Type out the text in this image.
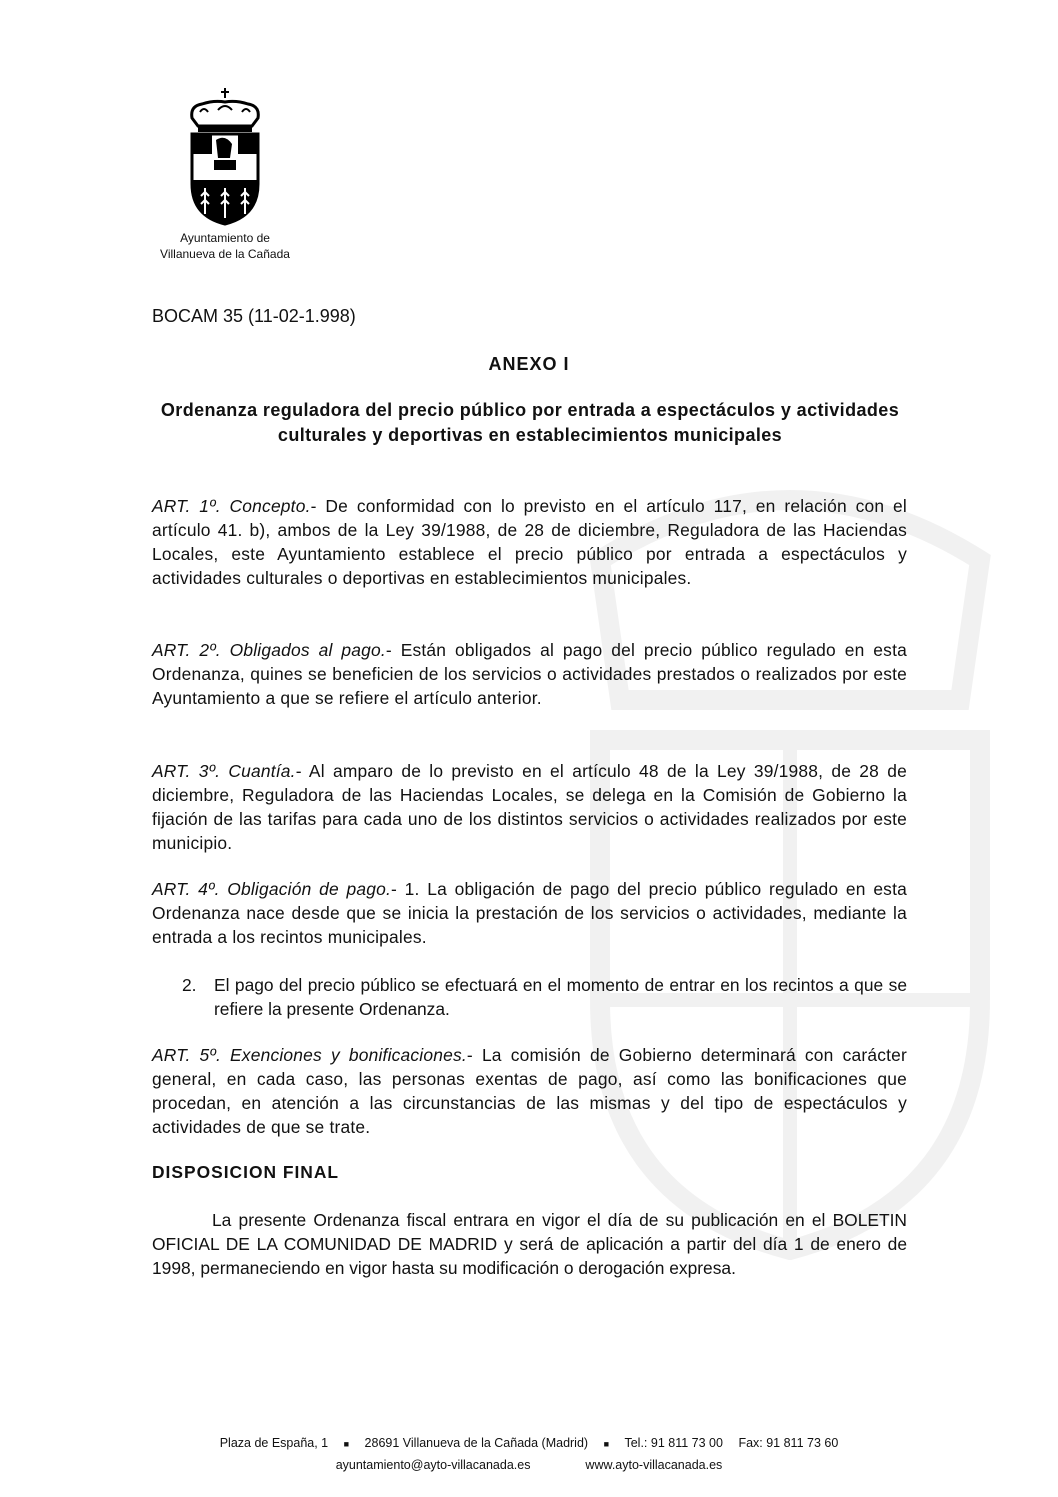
Ayuntamiento de
Villanueva de la Cañada
BOCAM 35 (11-02-1.998)
ANEXO I
Ordenanza reguladora del precio público por entrada a espectáculos y actividades culturales y deportivas en establecimientos municipales
ART. 1º. Concepto.- De conformidad con lo previsto en el artículo 117, en relación con el artículo 41. b), ambos de la Ley 39/1988, de 28 de diciembre, Reguladora de las Haciendas Locales, este Ayuntamiento establece el precio público por entrada a espectáculos y actividades culturales o deportivas en establecimientos municipales.
ART. 2º. Obligados al pago.- Están obligados al pago del precio público regulado en esta Ordenanza, quines se beneficien de los servicios o actividades prestados o realizados por este Ayuntamiento a que se refiere el artículo anterior.
ART. 3º. Cuantía.- Al amparo de lo previsto en el artículo 48 de la Ley 39/1988, de 28 de diciembre, Reguladora de las Haciendas Locales, se delega en la Comisión de Gobierno la fijación de las tarifas para cada uno de los distintos servicios o actividades realizados por este municipio.
ART. 4º. Obligación de pago.- 1. La obligación de pago del precio público regulado en esta Ordenanza nace desde que se inicia la prestación de los servicios o actividades, mediante la entrada a los recintos municipales.
2. El pago del precio público se efectuará en el momento de entrar en los recintos a que se refiere la presente Ordenanza.
ART. 5º. Exenciones y bonificaciones.- La comisión de Gobierno determinará con carácter general, en cada caso, las personas exentas de pago, así como las bonificaciones que procedan, en atención a las circunstancias de las mismas y del tipo de espectáculos y actividades de que se trate.
DISPOSICION FINAL
La presente Ordenanza fiscal entrara en vigor el día de su publicación en el BOLETIN OFICIAL DE LA COMUNIDAD DE MADRID y será de aplicación a partir del día 1 de enero de 1998, permaneciendo en vigor hasta su modificación o derogación expresa.
Plaza de España, 1 ■ 28691 Villanueva de la Cañada (Madrid) ■ Tel.: 91 811 73 00 Fax: 91 811 73 60
ayuntamiento@ayto-villacanada.es	www.ayto-villacanada.es
